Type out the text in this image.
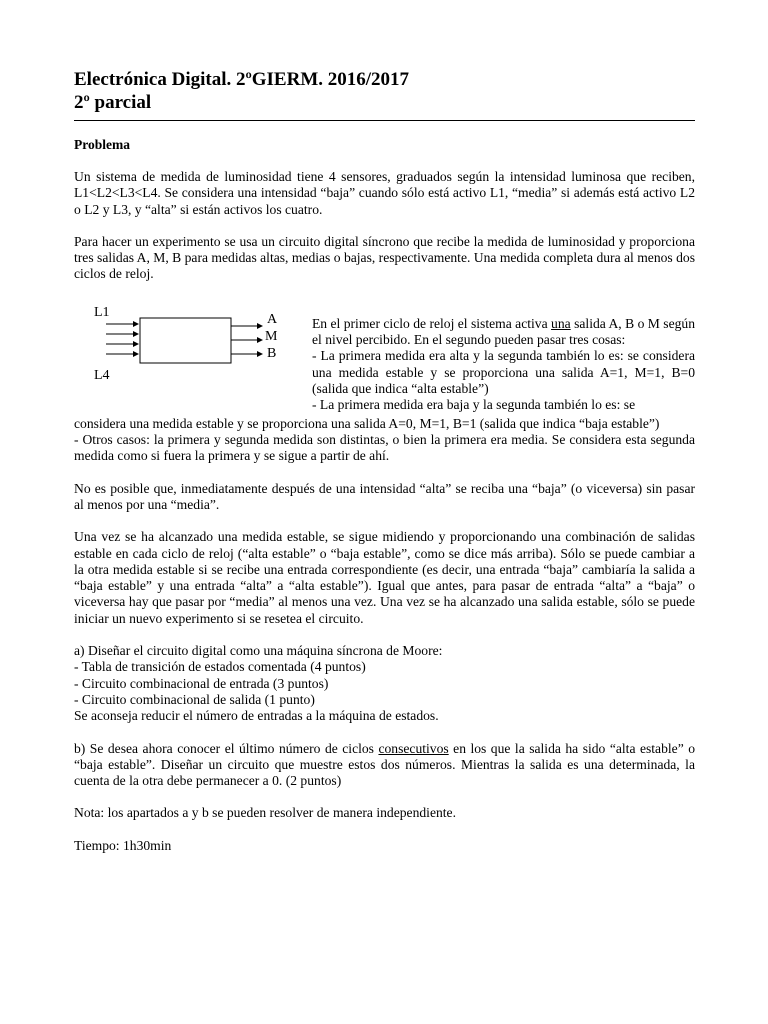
Electrónica Digital. 2ºGIERM. 2016/2017
2º parcial
Problema

Un sistema de medida de luminosidad tiene 4 sensores, graduados según la intensidad luminosa que reciben, L1<L2<L3<L4. Se considera una intensidad “baja” cuando sólo está activo L1, “media” si además está activo L2 o L2 y L3, y “alta” si están activos los cuatro.

Para hacer un experimento se usa un circuito digital síncrono que recibe la medida de luminosidad y proporciona tres salidas A, M, B para medidas altas, medias o bajas, respectivamente. Una medida completa dura al menos dos ciclos de reloj.

L1
L4
A
M
B

En el primer ciclo de reloj el sistema activa una salida A, B o M según el nivel percibido. En el segundo pueden pasar tres cosas:

- La primera medida era alta y la segunda también lo es: se considera una medida estable y se proporciona una salida A=1, M=1, B=0 (salida que indica “alta estable”)

- La primera medida era baja y la segunda también lo es: se

considera una medida estable y se proporciona una salida A=0, M=1, B=1 (salida que indica “baja estable”)

- Otros casos: la primera y segunda medida son distintas, o bien la primera era media. Se considera esta segunda medida como si fuera la primera y se sigue a partir de ahí.

No es posible que, inmediatamente después de una intensidad “alta” se reciba una “baja” (o viceversa) sin pasar al menos por una “media”.

Una vez se ha alcanzado una medida estable, se sigue midiendo y proporcionando una combinación de salidas estable en cada ciclo de reloj (“alta estable” o “baja estable”, como se dice más arriba). Sólo se puede cambiar a la otra medida estable si se recibe una entrada correspondiente (es decir, una entrada “baja” cambiaría la salida a “baja estable” y una entrada “alta” a “alta estable”). Igual que antes, para pasar de entrada “alta” a “baja” o viceversa hay que pasar por “media” al menos una vez. Una vez se ha alcanzado una salida estable, sólo se puede iniciar un nuevo experimento si se resetea el circuito.

a) Diseñar el circuito digital como una máquina síncrona de Moore:

- Tabla de transición de estados comentada (4 puntos)

- Circuito combinacional de entrada (3 puntos)

- Circuito combinacional de salida (1 punto)

Se aconseja reducir el número de entradas a la máquina de estados.

b) Se desea ahora conocer el último número de ciclos consecutivos en los que la salida ha sido “alta estable” o “baja estable”. Diseñar un circuito que muestre estos dos números. Mientras la salida es una determinada, la cuenta de la otra debe permanecer a 0. (2 puntos)

Nota: los apartados a y b se pueden resolver de manera independiente.

Tiempo: 1h30min
